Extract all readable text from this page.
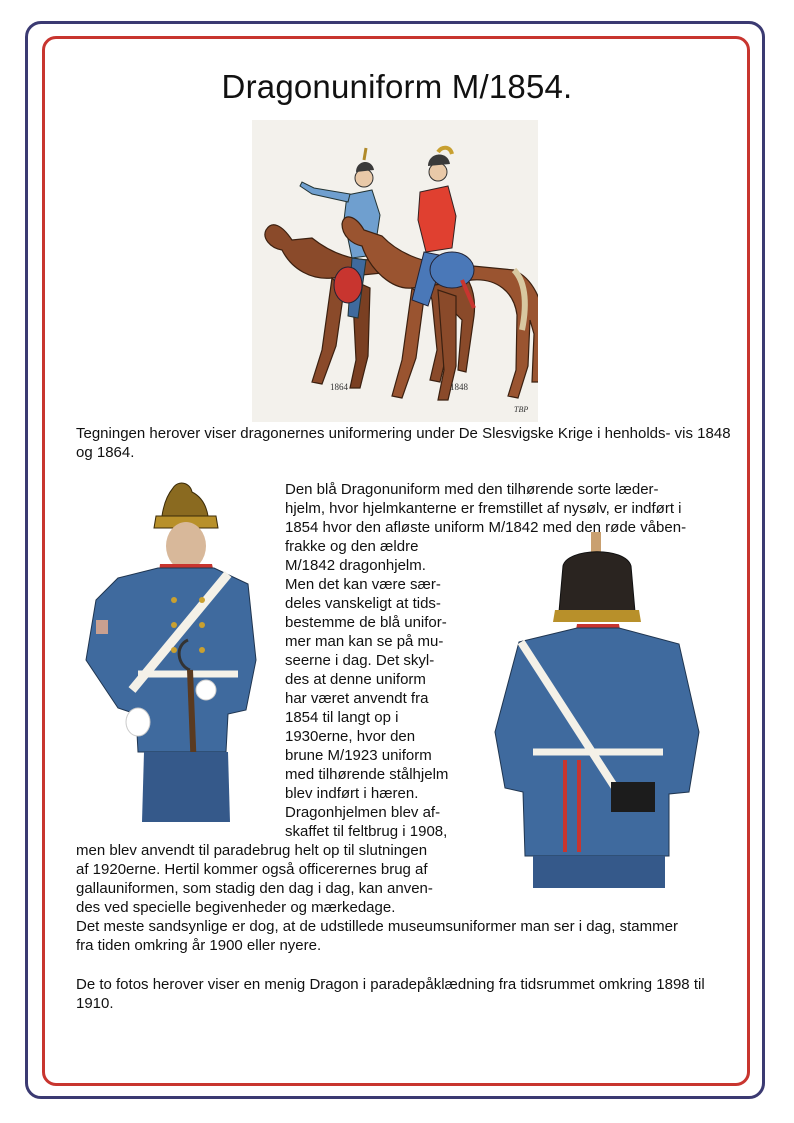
Dragonuniform M/1854.
1864	1848
TBP

Tegningen herover viser dragonernes uniformering under De Slesvigske Krige i henholds- vis 1848 og 1864.

Den blå Dragonuniform med den tilhørende sorte læder-

hjelm, hvor hjelmkanterne er fremstillet af nysølv, er indført i

1854 hvor den afløste uniform M/1842 med den røde våben-

frakke og den ældre

M/1842 dragonhjelm.

Men det kan være sær-

deles vanskeligt at tids-

bestemme de blå unifor-

mer man kan se på mu-

seerne i dag. Det skyl-

des at denne uniform

har været anvendt fra

1854 til langt op i

1930erne, hvor den

brune M/1923 uniform

med tilhørende stålhjelm

blev indført i hæren.

Dragonhjelmen blev af-

skaffet til feltbrug i 1908,

men blev anvendt til paradebrug helt op til slutningen

af 1920erne. Hertil kommer også officerernes brug af

gallauniformen, som stadig den dag i dag, kan anven-

des ved specielle begivenheder og mærkedage.

Det meste sandsynlige er dog, at de udstillede museumsuniformer man ser i dag, stammer

fra tiden omkring år 1900 eller nyere.

De to fotos herover viser en menig Dragon i paradepåklædning fra tidsrummet omkring 1898 til 1910.
